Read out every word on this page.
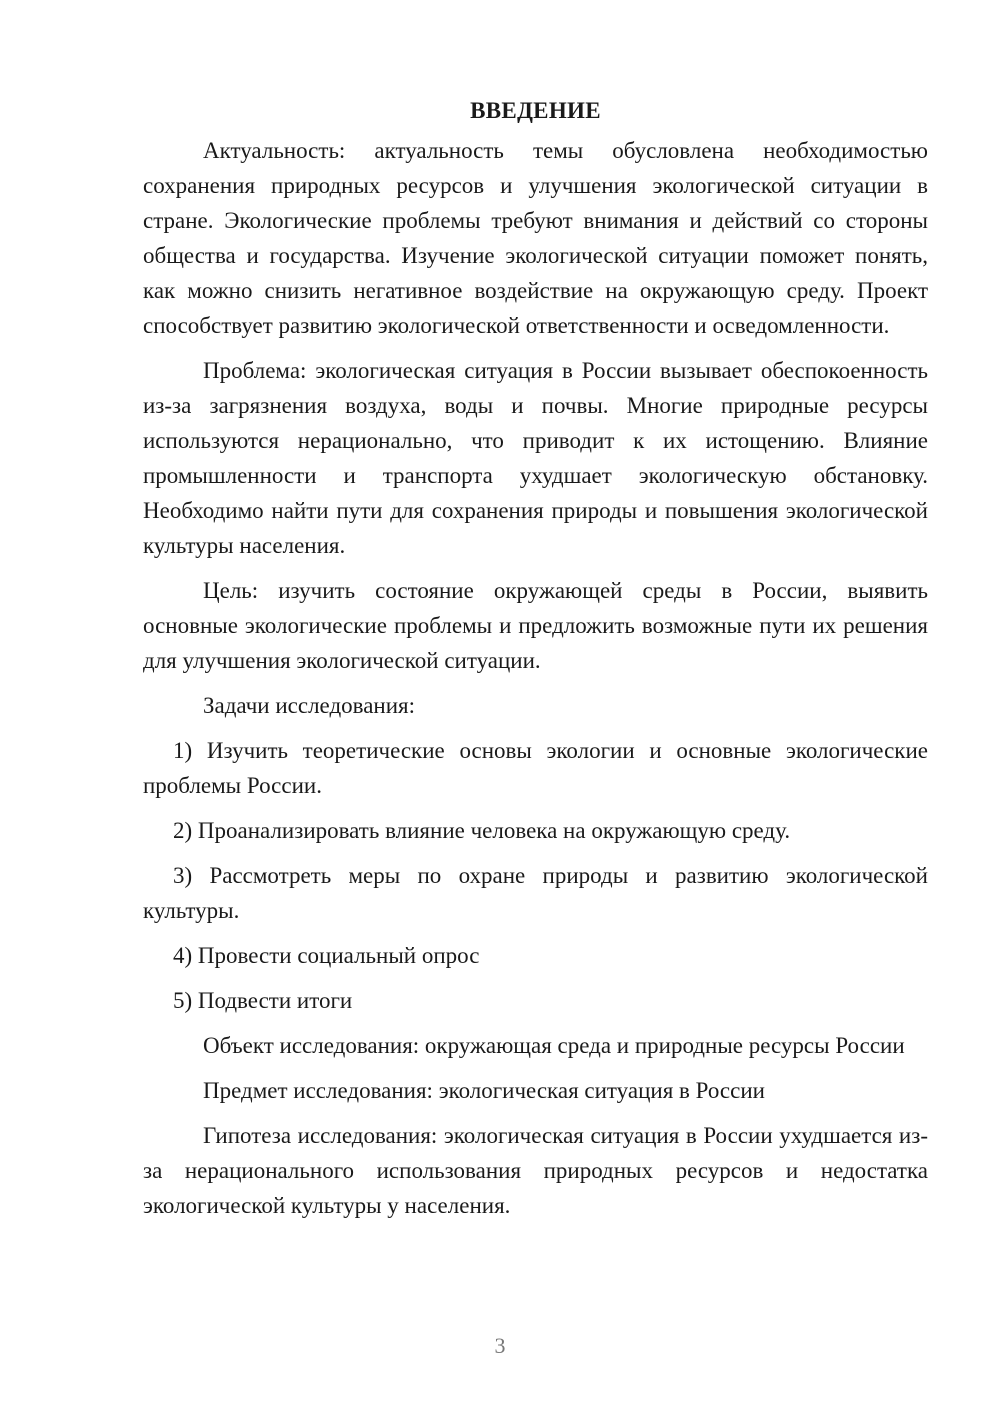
ВВЕДЕНИЕ

Актуальность: актуальность темы обусловлена необходимостью сохранения природных ресурсов и улучшения экологической ситуации в стране. Экологические проблемы требуют внимания и действий со стороны общества и государства. Изучение экологической ситуации поможет понять, как можно снизить негативное воздействие на окружающую среду. Проект способствует развитию экологической ответственности и осведомленности.

Проблема: экологическая ситуация в России вызывает обеспокоенность из-за загрязнения воздуха, воды и почвы. Многие природные ресурсы используются нерационально, что приводит к их истощению. Влияние промышленности и транспорта ухудшает экологическую обстановку. Необходимо найти пути для сохранения природы и повышения экологической культуры населения.

Цель: изучить состояние окружающей среды в России, выявить основные экологические проблемы и предложить возможные пути их решения для улучшения экологической ситуации.

Задачи исследования:

1) Изучить теоретические основы экологии и основные экологические проблемы России.

2) Проанализировать влияние человека на окружающую среду.

3) Рассмотреть меры по охране природы и развитию экологической культуры.

4) Провести социальный опрос

5) Подвести итоги

Объект исследования: окружающая среда и природные ресурсы России

Предмет исследования: экологическая ситуация в России

Гипотеза исследования: экологическая ситуация в России ухудшается из-за нерационального использования природных ресурсов и недостатка экологической культуры у населения.

3
